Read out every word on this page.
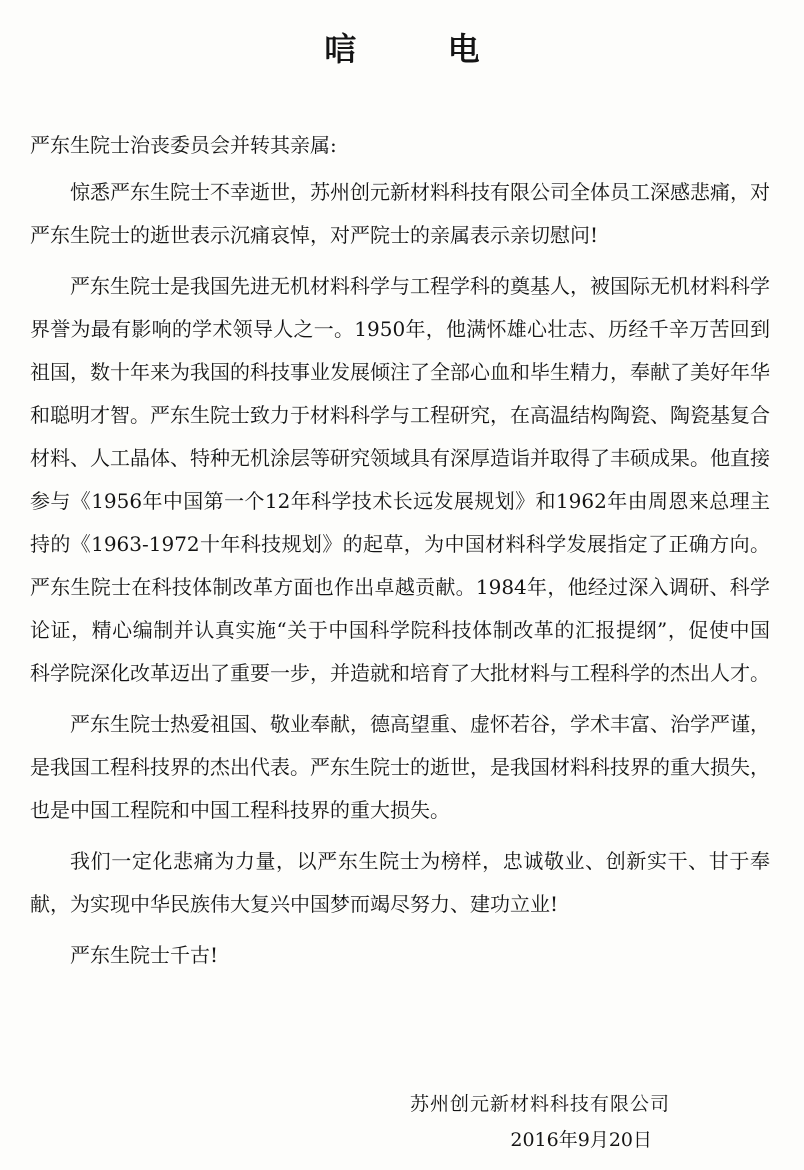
唁 电

严东生院士治丧委员会并转其亲属:

惊悉严东生院士不幸逝世，苏州创元新材料科技有限公司全体员工深感悲痛，对严东生院士的逝世表示沉痛哀悼，对严院士的亲属表示亲切慰问!

严东生院士是我国先进无机材料科学与工程学科的奠基人，被国际无机材料科学界誉为最有影响的学术领导人之一。1950年，他满怀雄心壮志、历经千辛万苦回到祖国，数十年来为我国的科技事业发展倾注了全部心血和毕生精力，奉献了美好年华和聪明才智。严东生院士致力于材料科学与工程研究，在高温结构陶瓷、陶瓷基复合材料、人工晶体、特种无机涂层等研究领域具有深厚造诣并取得了丰硕成果。他直接参与《1956年中国第一个12年科学技术长远发展规划》和1962年由周恩来总理主持的《1963-1972十年科技规划》的起草，为中国材料科学发展指定了正确方向。严东生院士在科技体制改革方面也作出卓越贡献。1984年，他经过深入调研、科学论证，精心编制并认真实施“关于中国科学院科技体制改革的汇报提纲”，促使中国科学院深化改革迈出了重要一步，并造就和培育了大批材料与工程科学的杰出人才。

严东生院士热爱祖国、敬业奉献，德高望重、虚怀若谷，学术丰富、治学严谨，是我国工程科技界的杰出代表。严东生院士的逝世，是我国材料科技界的重大损失，也是中国工程院和中国工程科技界的重大损失。

我们一定化悲痛为力量，以严东生院士为榜样，忠诚敬业、创新实干、甘于奉献，为实现中华民族伟大复兴中国梦而竭尽努力、建功立业!

严东生院士千古!

苏州创元新材料科技有限公司
2016年9月20日
